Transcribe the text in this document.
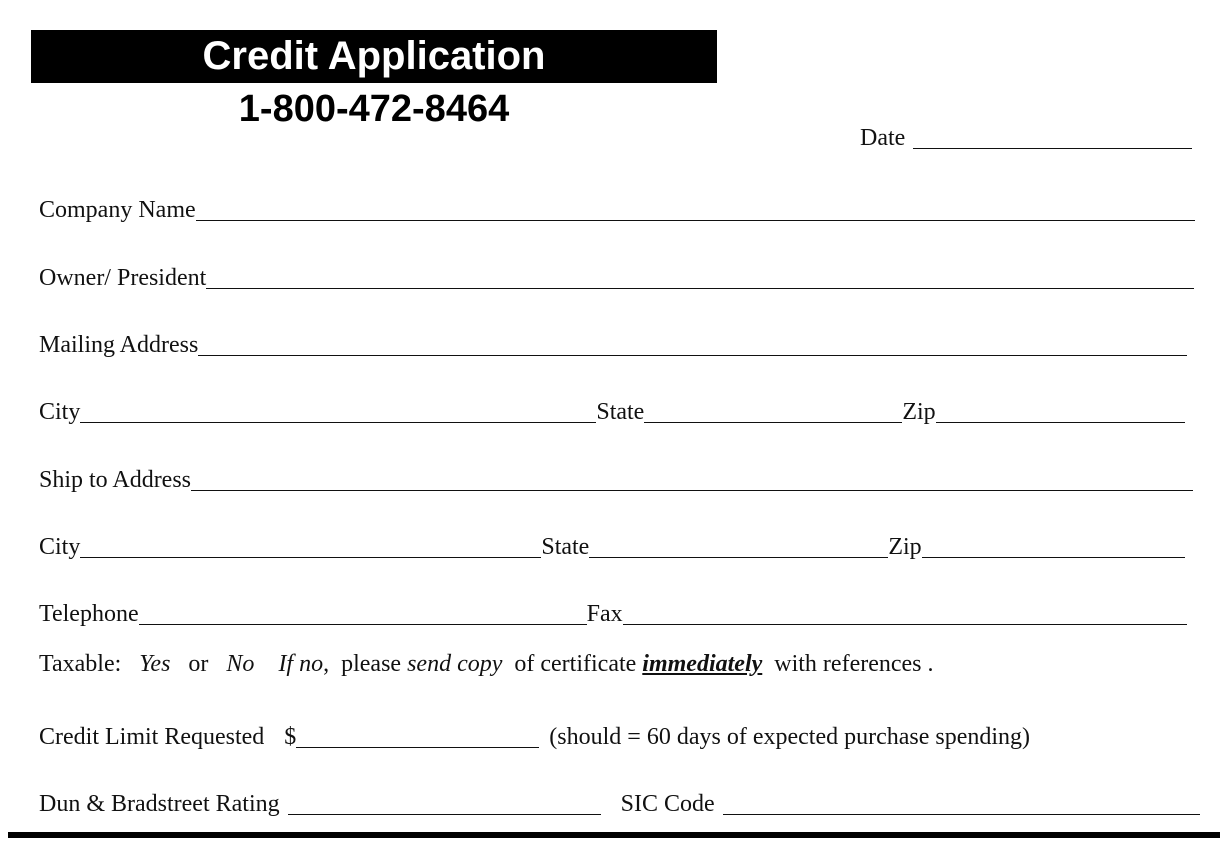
Credit Application
1-800-472-8464
Date
Company Name
Owner/ President
Mailing Address
City	State	Zip
Ship to Address
City	State	Zip
Telephone	Fax
Taxable: Yes or No If no,  please send copy of certificate immediately with references .
Credit Limit Requested $	(should = 60 days of expected purchase spending)
Dun & Bradstreet Rating	SIC Code
